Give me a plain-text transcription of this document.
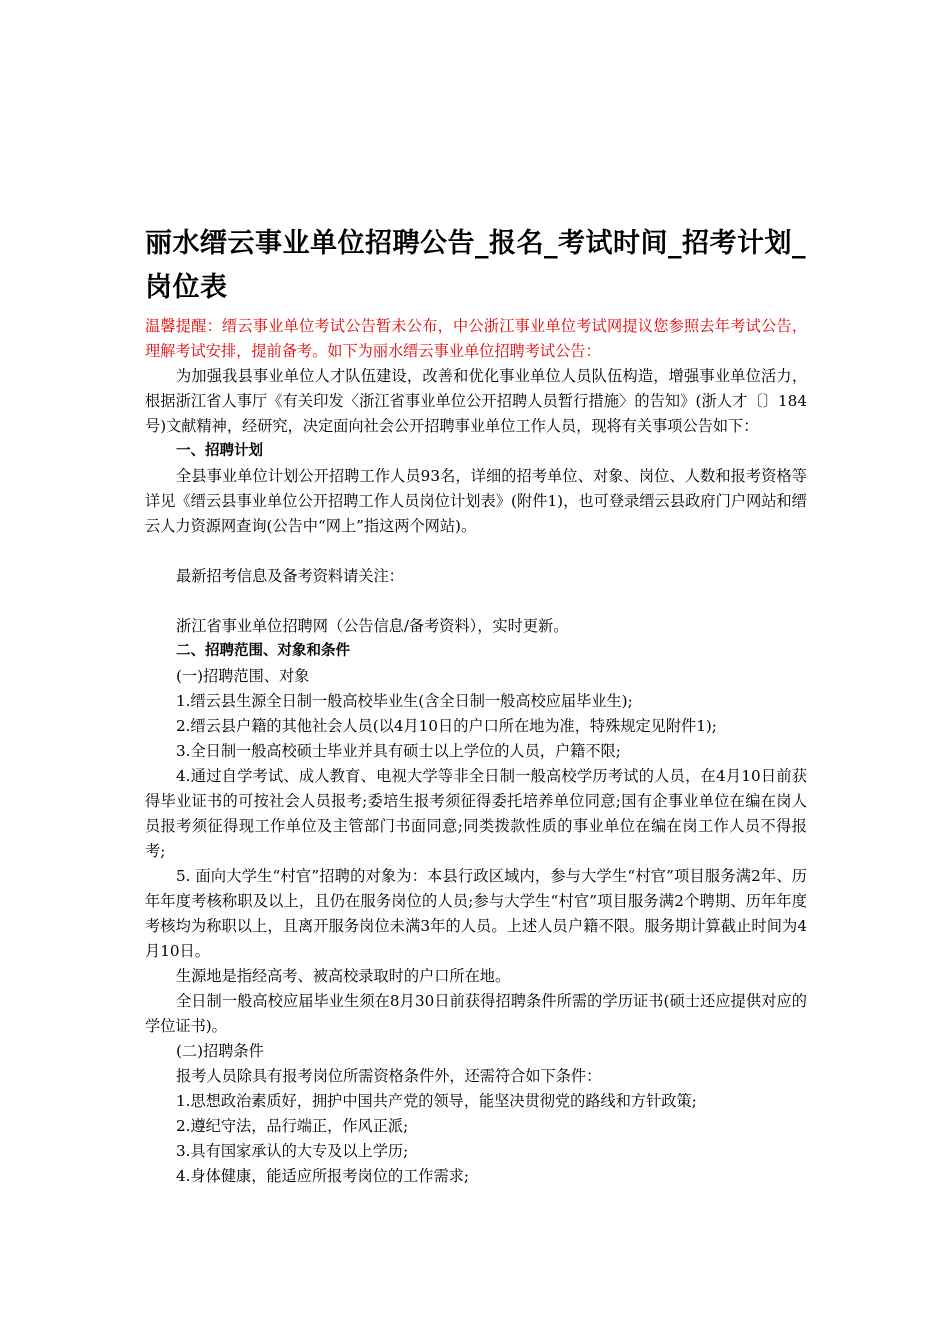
丽水缙云事业单位招聘公告_报名_考试时间_招考计划_岗位表

温馨提醒：缙云事业单位考试公告暂未公布，中公浙江事业单位考试网提议您参照去年考试公告，理解考试安排，提前备考。如下为丽水缙云事业单位招聘考试公告：

为加强我县事业单位人才队伍建设，改善和优化事业单位人员队伍构造，增强事业单位活力，根据浙江省人事厅《有关印发〈浙江省事业单位公开招聘人员暂行措施〉的告知》(浙人才〔〕184号)文献精神，经研究，决定面向社会公开招聘事业单位工作人员，现将有关事项公告如下：

一、招聘计划

全县事业单位计划公开招聘工作人员93名，详细的招考单位、对象、岗位、人数和报考资格等详见《缙云县事业单位公开招聘工作人员岗位计划表》(附件1)，也可登录缙云县政府门户网站和缙云人力资源网查询(公告中“网上”指这两个网站)。

最新招考信息及备考资料请关注：

浙江省事业单位招聘网（公告信息/备考资料），实时更新。

二、招聘范围、对象和条件

(一)招聘范围、对象

1.缙云县生源全日制一般高校毕业生(含全日制一般高校应届毕业生);

2.缙云县户籍的其他社会人员(以4月10日的户口所在地为准，特殊规定见附件1);

3.全日制一般高校硕士毕业并具有硕士以上学位的人员，户籍不限;

4.通过自学考试、成人教育、电视大学等非全日制一般高校学历考试的人员，在4月10日前获得毕业证书的可按社会人员报考;委培生报考须征得委托培养单位同意;国有企事业单位在编在岗人员报考须征得现工作单位及主管部门书面同意;同类拨款性质的事业单位在编在岗工作人员不得报考;

5. 面向大学生“村官”招聘的对象为：本县行政区域内，参与大学生“村官”项目服务满2年、历年年度考核称职及以上，且仍在服务岗位的人员;参与大学生“村官”项目服务满2个聘期、历年年度考核均为称职以上，且离开服务岗位未满3年的人员。上述人员户籍不限。服务期计算截止时间为4月10日。

生源地是指经高考、被高校录取时的户口所在地。

全日制一般高校应届毕业生须在8月30日前获得招聘条件所需的学历证书(硕士还应提供对应的学位证书)。

(二)招聘条件

报考人员除具有报考岗位所需资格条件外，还需符合如下条件：

1.思想政治素质好，拥护中国共产党的领导，能坚决贯彻党的路线和方针政策;

2.遵纪守法，品行端正，作风正派;

3.具有国家承认的大专及以上学历;

4.身体健康，能适应所报考岗位的工作需求;
